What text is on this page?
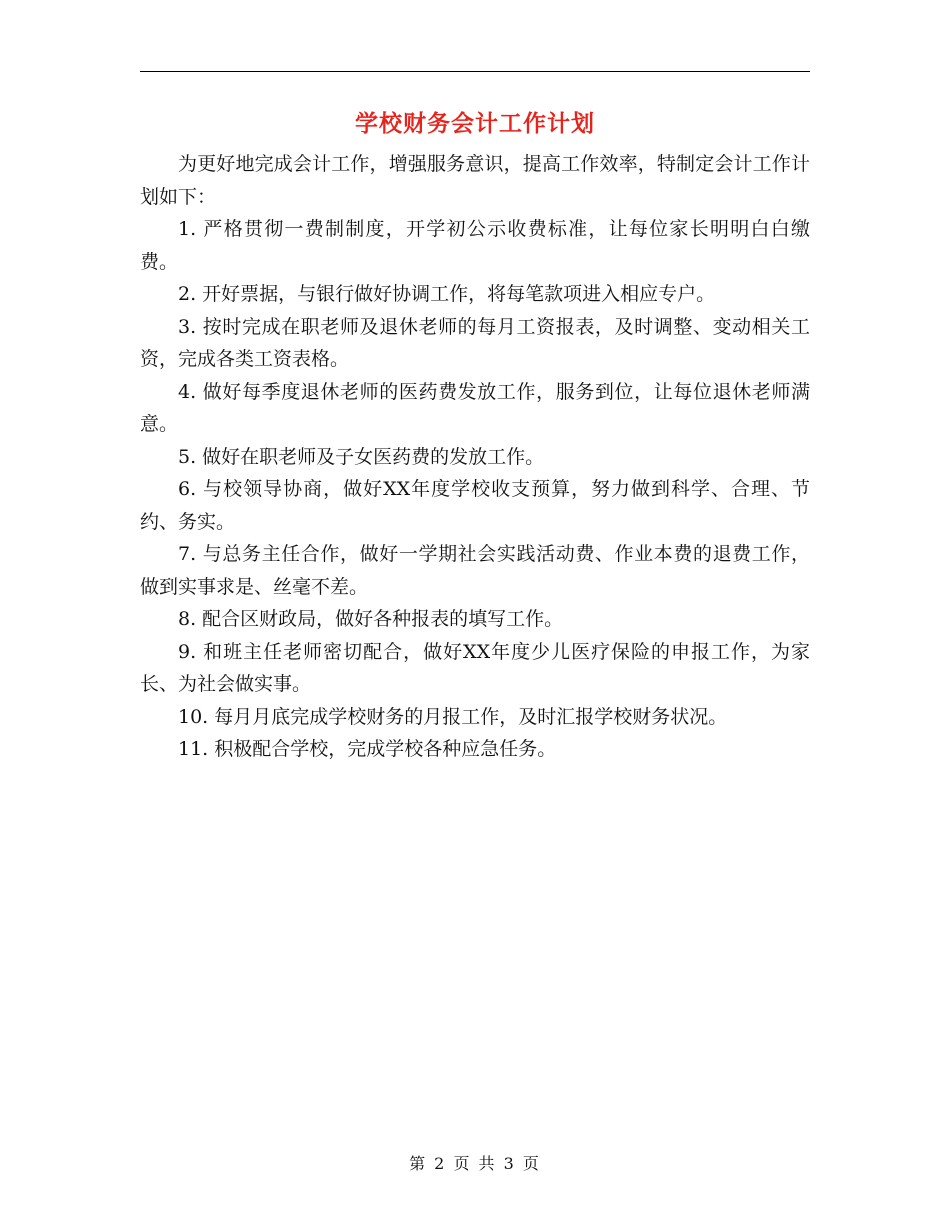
学校财务会计工作计划

为更好地完成会计工作，增强服务意识，提高工作效率，特制定会计工作计划如下：

1. 严格贯彻一费制制度，开学初公示收费标准，让每位家长明明白白缴费。

2. 开好票据，与银行做好协调工作，将每笔款项进入相应专户。

3. 按时完成在职老师及退休老师的每月工资报表，及时调整、变动相关工资，完成各类工资表格。

4. 做好每季度退休老师的医药费发放工作，服务到位，让每位退休老师满意。

5. 做好在职老师及子女医药费的发放工作。

6. 与校领导协商，做好XX年度学校收支预算，努力做到科学、合理、节约、务实。

7. 与总务主任合作，做好一学期社会实践活动费、作业本费的退费工作，做到实事求是、丝毫不差。

8. 配合区财政局，做好各种报表的填写工作。

9. 和班主任老师密切配合，做好XX年度少儿医疗保险的申报工作，为家长、为社会做实事。

10. 每月月底完成学校财务的月报工作，及时汇报学校财务状况。

11. 积极配合学校，完成学校各种应急任务。

第 2 页 共 3 页
